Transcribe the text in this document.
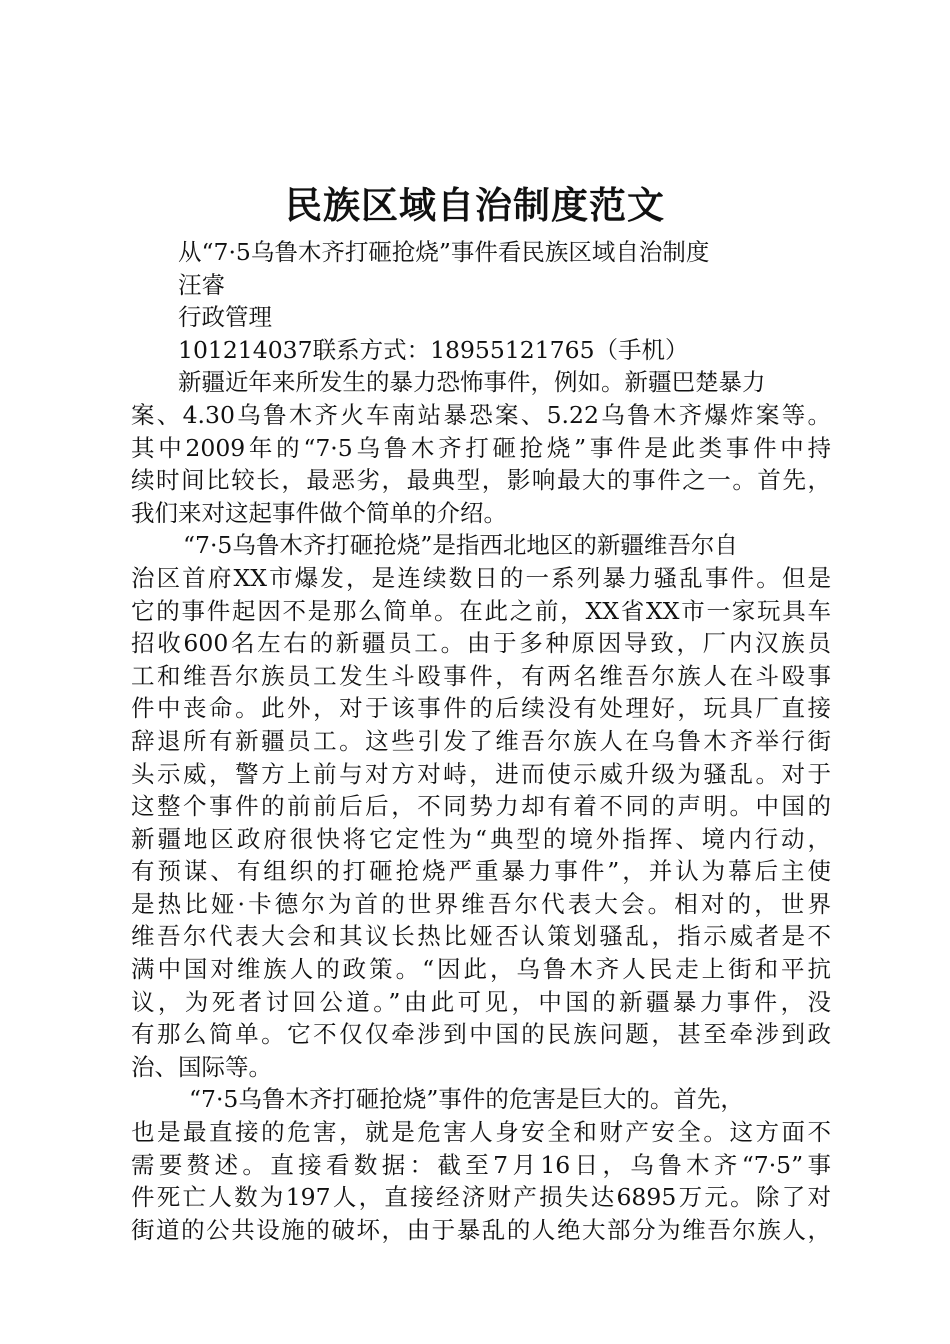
民族区域自治制度范文
从“7·5乌鲁木齐打砸抢烧”事件看民族区域自治制度
汪睿
行政管理
101214037联系方式：18955121765（手机）
新疆近年来所发生的暴力恐怖事件，例如。新疆巴楚暴力
案、4.30乌鲁木齐火车南站暴恐案、5.22乌鲁木齐爆炸案等。
其中2009年的“7·5乌鲁木齐打砸抢烧”事件是此类事件中持
续时间比较长，最恶劣，最典型，影响最大的事件之一。首先，
我们来对这起事件做个简单的介绍。
“7·5乌鲁木齐打砸抢烧”是指西北地区的新疆维吾尔自
治区首府XX市爆发，是连续数日的一系列暴力骚乱事件。但是
它的事件起因不是那么简单。在此之前，XX省XX市一家玩具车
招收600名左右的新疆员工。由于多种原因导致，厂内汉族员
工和维吾尔族员工发生斗殴事件，有两名维吾尔族人在斗殴事
件中丧命。此外，对于该事件的后续没有处理好，玩具厂直接
辞退所有新疆员工。这些引发了维吾尔族人在乌鲁木齐举行街
头示威，警方上前与对方对峙，进而使示威升级为骚乱。对于
这整个事件的前前后后，不同势力却有着不同的声明。中国的
新疆地区政府很快将它定性为“典型的境外指挥、境内行动，
有预谋、有组织的打砸抢烧严重暴力事件”，并认为幕后主使
是热比娅·卡德尔为首的世界维吾尔代表大会。相对的，世界
维吾尔代表大会和其议长热比娅否认策划骚乱，指示威者是不
满中国对维族人的政策。“因此，乌鲁木齐人民走上街和平抗
议，为死者讨回公道。”由此可见，中国的新疆暴力事件，没
有那么简单。它不仅仅牵涉到中国的民族问题，甚至牵涉到政
治、国际等。
“7·5乌鲁木齐打砸抢烧”事件的危害是巨大的。首先，
也是最直接的危害，就是危害人身安全和财产安全。这方面不
需要赘述。直接看数据：截至7月16日，乌鲁木齐“7·5”事
件死亡人数为197人，直接经济财产损失达6895万元。除了对
街道的公共设施的破坏，由于暴乱的人绝大部分为维吾尔族人，
